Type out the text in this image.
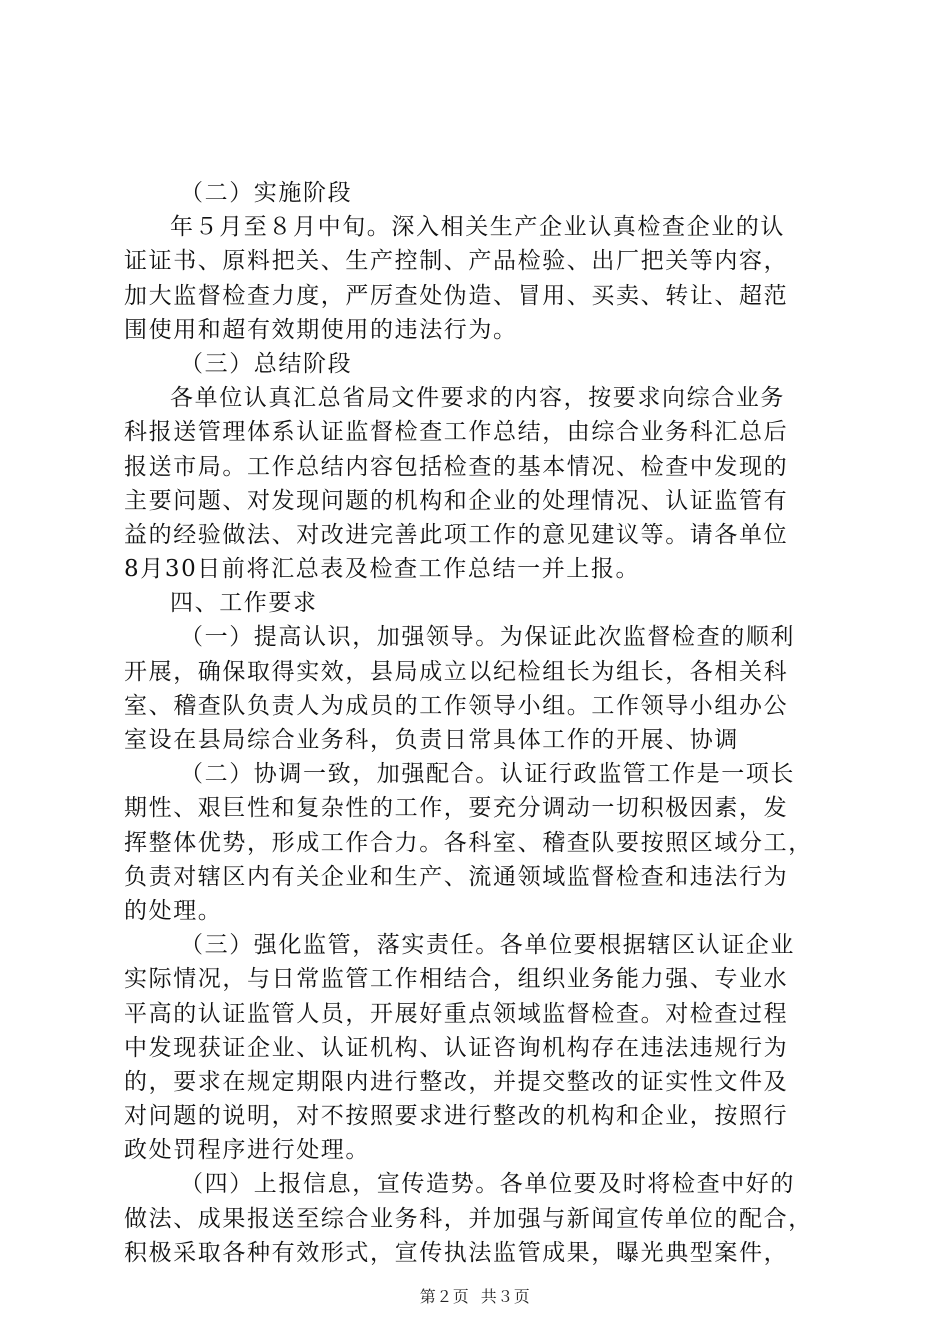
（二）实施阶段
年５月至８月中旬。深入相关生产企业认真检查企业的认
证证书、原料把关、生产控制、产品检验、出厂把关等内容，
加大监督检查力度，严厉查处伪造、冒用、买卖、转让、超范
围使用和超有效期使用的违法行为。
（三）总结阶段
各单位认真汇总省局文件要求的内容，按要求向综合业务
科报送管理体系认证监督检查工作总结，由综合业务科汇总后
报送市局。工作总结内容包括检查的基本情况、检查中发现的
主要问题、对发现问题的机构和企业的处理情况、认证监管有
益的经验做法、对改进完善此项工作的意见建议等。请各单位
8月30日前将汇总表及检查工作总结一并上报。
四、工作要求
（一）提高认识，加强领导。为保证此次监督检查的顺利
开展，确保取得实效，县局成立以纪检组长为组长，各相关科
室、稽查队负责人为成员的工作领导小组。工作领导小组办公
室设在县局综合业务科，负责日常具体工作的开展、协调
（二）协调一致，加强配合。认证行政监管工作是一项长
期性、艰巨性和复杂性的工作，要充分调动一切积极因素，发
挥整体优势，形成工作合力。各科室、稽查队要按照区域分工，
负责对辖区内有关企业和生产、流通领域监督检查和违法行为
的处理。
（三）强化监管，落实责任。各单位要根据辖区认证企业
实际情况，与日常监管工作相结合，组织业务能力强、专业水
平高的认证监管人员，开展好重点领域监督检查。对检查过程
中发现获证企业、认证机构、认证咨询机构存在违法违规行为
的，要求在规定期限内进行整改，并提交整改的证实性文件及
对问题的说明，对不按照要求进行整改的机构和企业，按照行
政处罚程序进行处理。
（四）上报信息，宣传造势。各单位要及时将检查中好的
做法、成果报送至综合业务科，并加强与新闻宣传单位的配合，
积极采取各种有效形式，宣传执法监管成果，曝光典型案件，
第２页 共３页
